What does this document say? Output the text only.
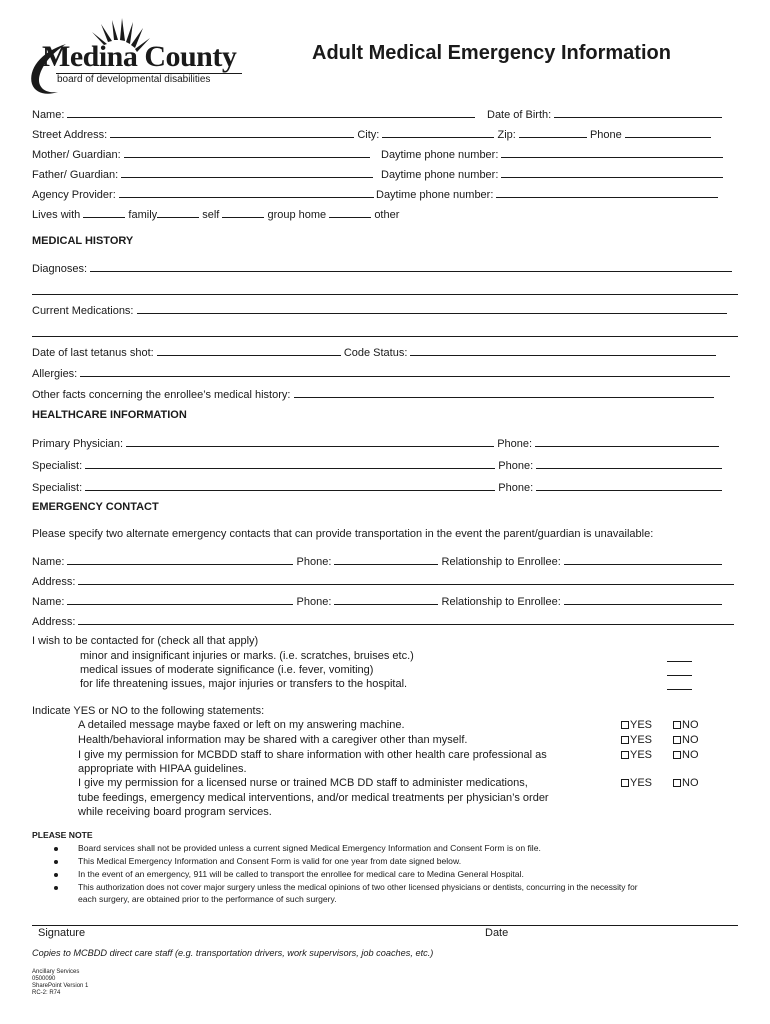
Medina County
board of developmental disabilities
Adult Medical Emergency Information
Name:	Date of Birth:
Street Address:	City:	Zip:	Phone
Mother/ Guardian:	Daytime phone number:
Father/ Guardian:	Daytime phone number:
Agency Provider:	Daytime phone number:
Lives with	family	self	group home	other
MEDICAL HISTORY
Diagnoses:
Current Medications:
Date of last tetanus shot:	Code Status:
Allergies:
Other facts concerning the enrollee’s medical history:
HEALTHCARE INFORMATION
Primary Physician:	Phone:
Specialist:	Phone:
Specialist:	Phone:
EMERGENCY CONTACT
Please specify two alternate emergency contacts that can provide transportation in the event the parent/guardian is unavailable:
Name:	Phone:	Relationship to Enrollee:
Address:
Name:	Phone:	Relationship to Enrollee:
Address:
I wish to be contacted for (check all that apply)
minor and insignificant injuries or marks. (i.e. scratches, bruises etc.)
medical issues of moderate significance (i.e. fever, vomiting)
for life threatening issues, major injuries or transfers to the hospital.
Indicate YES or NO to the following statements:
A detailed message maybe faxed or left on my answering machine.	YES	NO
Health/behavioral information may be shared with a caregiver other than myself.	YES	NO
I give my permission for MCBDD staff to share information with other health care professional as
appropriate with HIPAA guidelines.
YES	NO
I give my permission for a licensed nurse or trained MCB DD staff to administer medications,
tube feedings, emergency medical interventions, and/or medical treatments per physician’s order
while receiving board program services.
YES	NO
PLEASE NOTE
Board services shall not be provided unless a current signed Medical Emergency Information and Consent Form is on file.
This Medical Emergency Information and Consent Form is valid for one year from date signed below.
In the event of an emergency, 911 will be called to transport the enrollee for medical care to Medina General Hospital.
This authorization does not cover major surgery unless the medical opinions of two other licensed physicians or dentists, concurring in the necessity for
each surgery, are obtained prior to the performance of such surgery.
Signature	Date
Copies to MCBDD direct care staff (e.g. transportation drivers, work supervisors, job coaches, etc.)
Ancillary Services
0500090
SharePoint Version 1
RC-2: R74
